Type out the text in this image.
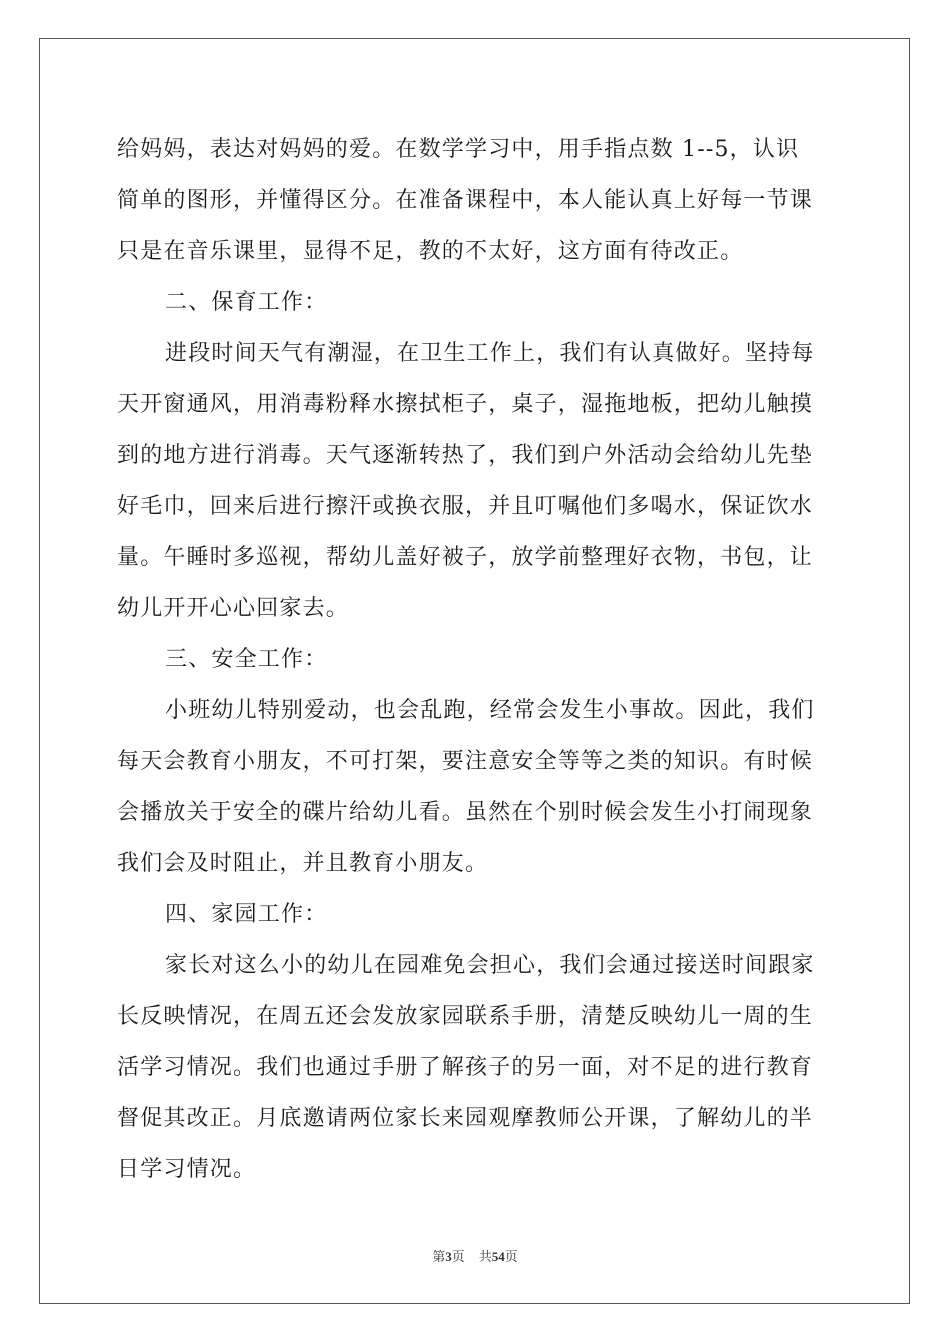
给妈妈，表达对妈妈的爱。在数学学习中，用手指点数 1--5，认识
简单的图形，并懂得区分。在准备课程中，本人能认真上好每一节课
只是在音乐课里，显得不足，教的不太好，这方面有待改正。
二、保育工作：
进段时间天气有潮湿，在卫生工作上，我们有认真做好。坚持每
天开窗通风，用消毒粉释水擦拭柜子，桌子，湿拖地板，把幼儿触摸
到的地方进行消毒。天气逐渐转热了，我们到户外活动会给幼儿先垫
好毛巾，回来后进行擦汗或换衣服，并且叮嘱他们多喝水，保证饮水
量。午睡时多巡视，帮幼儿盖好被子，放学前整理好衣物，书包，让
幼儿开开心心回家去。
三、安全工作：
小班幼儿特别爱动，也会乱跑，经常会发生小事故。因此，我们
每天会教育小朋友，不可打架，要注意安全等等之类的知识。有时候
会播放关于安全的碟片给幼儿看。虽然在个别时候会发生小打闹现象
我们会及时阻止，并且教育小朋友。
四、家园工作：
家长对这么小的幼儿在园难免会担心，我们会通过接送时间跟家
长反映情况，在周五还会发放家园联系手册，清楚反映幼儿一周的生
活学习情况。我们也通过手册了解孩子的另一面，对不足的进行教育
督促其改正。月底邀请两位家长来园观摩教师公开课，了解幼儿的半
日学习情况。
第3页 共54页
